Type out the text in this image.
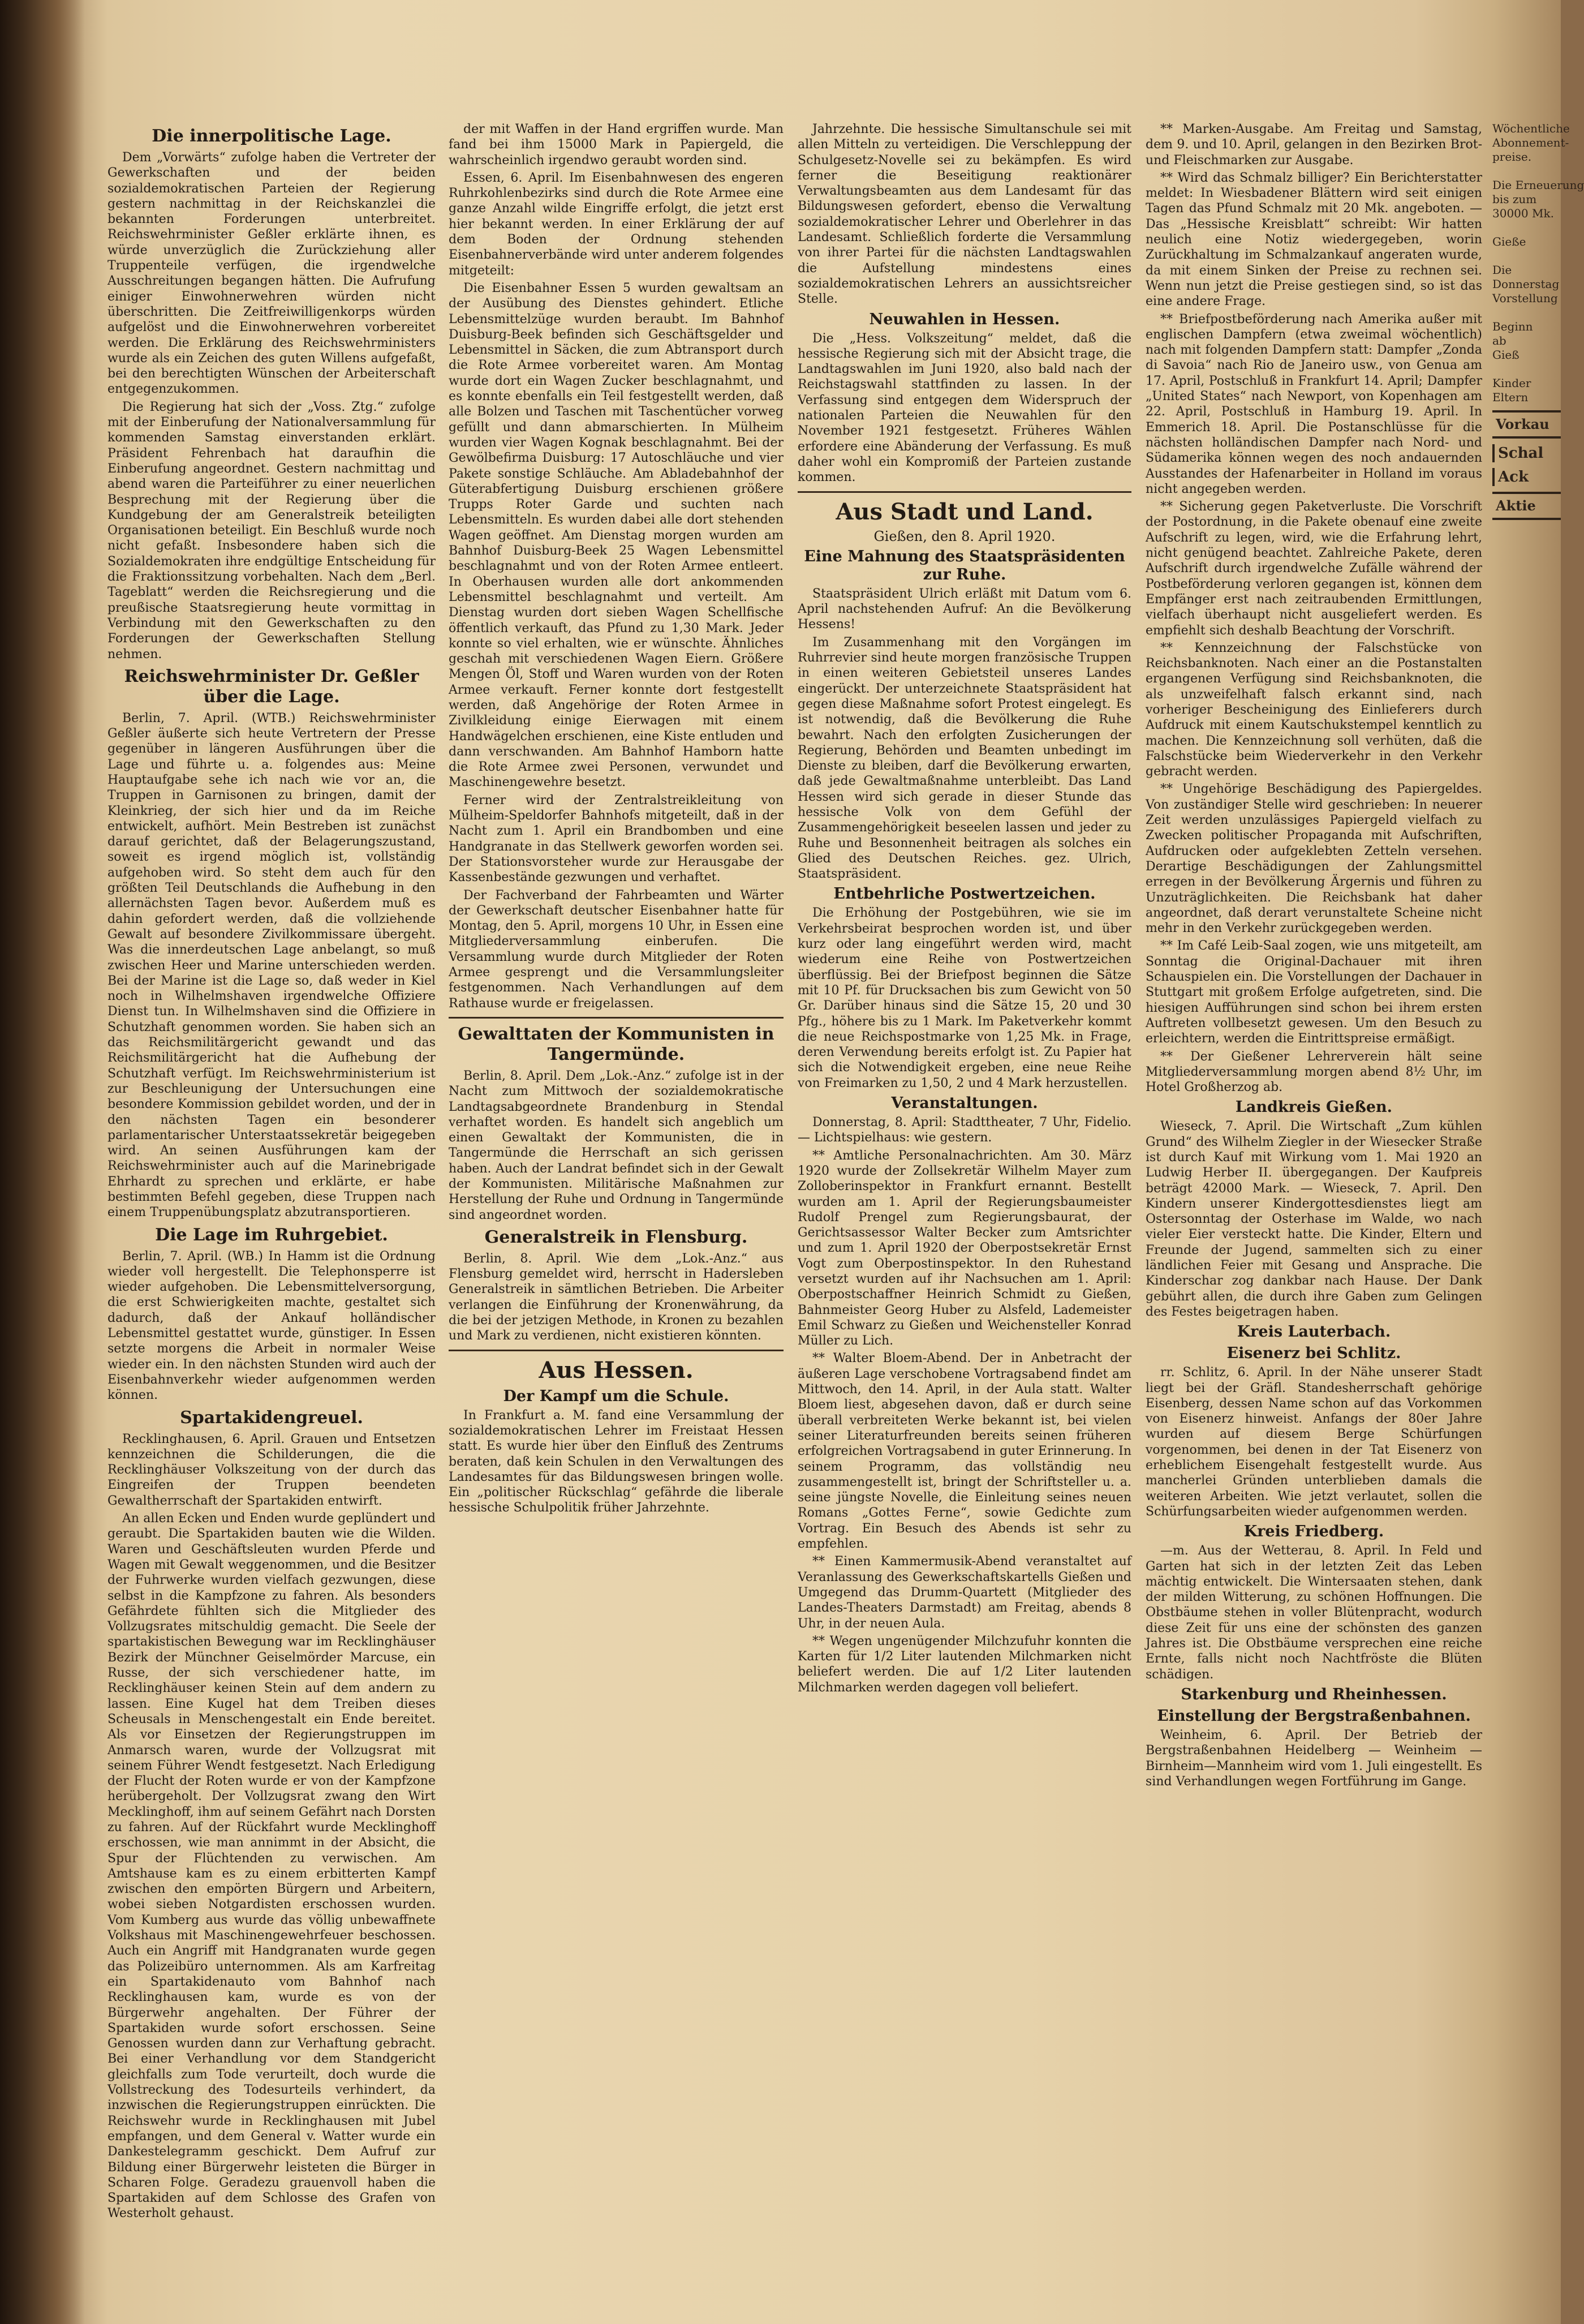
Die innerpolitische Lage.

Dem „Vorwärts“ zufolge haben die Vertreter der Gewerkschaften und der beiden sozialdemokratischen Parteien der Regierung gestern nachmittag in der Reichskanzlei die bekannten Forderungen unterbreitet. Reichswehrminister Geßler erklärte ihnen, es würde unverzüglich die Zurückziehung aller Truppenteile verfügen, die irgendwelche Ausschreitungen begangen hätten. Die Aufrufung einiger Einwohnerwehren würden nicht überschritten. Die Zeitfreiwilligenkorps würden aufgelöst und die Einwohnerwehren vorbereitet werden. Die Erklärung des Reichswehrministers wurde als ein Zeichen des guten Willens aufgefaßt, bei den berechtigten Wünschen der Arbeiterschaft entgegenzukommen.

Die Regierung hat sich der „Voss. Ztg.“ zufolge mit der Einberufung der Nationalversammlung für kommenden Samstag einverstanden erklärt. Präsident Fehrenbach hat daraufhin die Einberufung angeordnet. Gestern nachmittag und abend waren die Parteiführer zu einer neuerlichen Besprechung mit der Regierung über die Kundgebung der am Generalstreik beteiligten Organisationen beteiligt. Ein Beschluß wurde noch nicht gefaßt. Insbesondere haben sich die Sozialdemokraten ihre endgültige Entscheidung für die Fraktionssitzung vorbehalten. Nach dem „Berl. Tageblatt“ werden die Reichsregierung und die preußische Staatsregierung heute vormittag in Verbindung mit den Gewerkschaften zu den Forderungen der Gewerkschaften Stellung nehmen.

Reichswehrminister Dr. Geßler über die Lage.

Berlin, 7. April. (WTB.) Reichswehrminister Geßler äußerte sich heute Vertretern der Presse gegenüber in längeren Ausführungen über die Lage und führte u. a. folgendes aus: Meine Hauptaufgabe sehe ich nach wie vor an, die Truppen in Garnisonen zu bringen, damit der Kleinkrieg, der sich hier und da im Reiche entwickelt, aufhört. Mein Bestreben ist zunächst darauf gerichtet, daß der Belagerungszustand, soweit es irgend möglich ist, vollständig aufgehoben wird. So steht dem auch für den größten Teil Deutschlands die Aufhebung in den allernächsten Tagen bevor. Außerdem muß es dahin gefordert werden, daß die vollziehende Gewalt auf besondere Zivilkommissare übergeht. Was die innerdeutschen Lage anbelangt, so muß zwischen Heer und Marine unterschieden werden. Bei der Marine ist die Lage so, daß weder in Kiel noch in Wilhelmshaven irgendwelche Offiziere Dienst tun. In Wilhelmshaven sind die Offiziere in Schutzhaft genommen worden. Sie haben sich an das Reichsmilitärgericht gewandt und das Reichsmilitärgericht hat die Aufhebung der Schutzhaft verfügt. Im Reichswehrministerium ist zur Beschleunigung der Untersuchungen eine besondere Kommission gebildet worden, und der in den nächsten Tagen ein besonderer parlamentarischer Unterstaatssekretär beigegeben wird. An seinen Ausführungen kam der Reichswehrminister auch auf die Marinebrigade Ehrhardt zu sprechen und erklärte, er habe bestimmten Befehl gegeben, diese Truppen nach einem Truppenübungsplatz abzutransportieren.

Die Lage im Ruhrgebiet.

Berlin, 7. April. (WB.) In Hamm ist die Ordnung wieder voll hergestellt. Die Telephonsperre ist wieder aufgehoben. Die Lebensmittelversorgung, die erst Schwierigkeiten machte, gestaltet sich dadurch, daß der Ankauf holländischer Lebensmittel gestattet wurde, günstiger. In Essen setzte morgens die Arbeit in normaler Weise wieder ein. In den nächsten Stunden wird auch der Eisenbahnverkehr wieder aufgenommen werden können.

Spartakidengreuel.

Recklinghausen, 6. April. Grauen und Entsetzen kennzeichnen die Schilderungen, die die Recklinghäuser Volkszeitung von der durch das Eingreifen der Truppen beendeten Gewaltherrschaft der Spartakiden entwirft.

An allen Ecken und Enden wurde geplündert und geraubt. Die Spartakiden bauten wie die Wilden. Waren und Geschäftsleuten wurden Pferde und Wagen mit Gewalt weggenommen, und die Besitzer der Fuhrwerke wurden vielfach gezwungen, diese selbst in die Kampfzone zu fahren. Als besonders Gefährdete fühlten sich die Mitglieder des Vollzugsrates mitschuldig gemacht. Die Seele der spartakistischen Bewegung war im Recklinghäuser Bezirk der Münchner Geiselmörder Marcuse, ein Russe, der sich verschiedener hatte, im Recklinghäuser keinen Stein auf dem andern zu lassen. Eine Kugel hat dem Treiben dieses Scheusals in Menschengestalt ein Ende bereitet. Als vor Einsetzen der Regierungstruppen im Anmarsch waren, wurde der Vollzugsrat mit seinem Führer Wendt festgesetzt. Nach Erledigung der Flucht der Roten wurde er von der Kampfzone herübergeholt. Der Vollzugsrat zwang den Wirt Mecklinghoff, ihm auf seinem Gefährt nach Dorsten zu fahren. Auf der Rückfahrt wurde Mecklinghoff erschossen, wie man annimmt in der Absicht, die Spur der Flüchtenden zu verwischen. Am Amtshause kam es zu einem erbitterten Kampf zwischen den empörten Bürgern und Arbeitern, wobei sieben Notgardisten erschossen wurden. Vom Kumberg aus wurde das völlig unbewaffnete Volkshaus mit Maschinengewehrfeuer beschossen. Auch ein Angriff mit Handgranaten wurde gegen das Polizeibüro unternommen. Als am Karfreitag ein Spartakidenauto vom Bahnhof nach Recklinghausen kam, wurde es von der Bürgerwehr angehalten. Der Führer der Spartakiden wurde sofort erschossen. Seine Genossen wurden dann zur Verhaftung gebracht. Bei einer Verhandlung vor dem Standgericht gleichfalls zum Tode verurteilt, doch wurde die Vollstreckung des Todesurteils verhindert, da inzwischen die Regierungstruppen einrückten. Die Reichswehr wurde in Recklinghausen mit Jubel empfangen, und dem General v. Watter wurde ein Dankestelegramm geschickt. Dem Aufruf zur Bildung einer Bürgerwehr leisteten die Bürger in Scharen Folge. Geradezu grauenvoll haben die Spartakiden auf dem Schlosse des Grafen von Westerholt gehaust.

der mit Waffen in der Hand ergriffen wurde. Man fand bei ihm 15000 Mark in Papiergeld, die wahrscheinlich irgendwo geraubt worden sind.

Essen, 6. April. Im Eisenbahnwesen des engeren Ruhrkohlenbezirks sind durch die Rote Armee eine ganze Anzahl wilde Eingriffe erfolgt, die jetzt erst hier bekannt werden. In einer Erklärung der auf dem Boden der Ordnung stehenden Eisenbahnerverbände wird unter anderem folgendes mitgeteilt:

Die Eisenbahner Essen 5 wurden gewaltsam an der Ausübung des Dienstes gehindert. Etliche Lebensmittelzüge wurden beraubt. Im Bahnhof Duisburg-Beek befinden sich Geschäftsgelder und Lebensmittel in Säcken, die zum Abtransport durch die Rote Armee vorbereitet waren. Am Montag wurde dort ein Wagen Zucker beschlagnahmt, und es konnte ebenfalls ein Teil festgestellt werden, daß alle Bolzen und Taschen mit Taschentücher vorweg gefüllt und dann abmarschierten. In Mülheim wurden vier Wagen Kognak beschlagnahmt. Bei der Gewölbefirma Duisburg: 17 Autoschläuche und vier Pakete sonstige Schläuche. Am Abladebahnhof der Güterabfertigung Duisburg erschienen größere Trupps Roter Garde und suchten nach Lebensmitteln. Es wurden dabei alle dort stehenden Wagen geöffnet. Am Dienstag morgen wurden am Bahnhof Duisburg-Beek 25 Wagen Lebensmittel beschlagnahmt und von der Roten Armee entleert. In Oberhausen wurden alle dort ankommenden Lebensmittel beschlagnahmt und verteilt. Am Dienstag wurden dort sieben Wagen Schellfische öffentlich verkauft, das Pfund zu 1,30 Mark. Jeder konnte so viel erhalten, wie er wünschte. Ähnliches geschah mit verschiedenen Wagen Eiern. Größere Mengen Öl, Stoff und Waren wurden von der Roten Armee verkauft. Ferner konnte dort festgestellt werden, daß Angehörige der Roten Armee in Zivilkleidung einige Eierwagen mit einem Handwägelchen erschienen, eine Kiste entluden und dann verschwanden. Am Bahnhof Hamborn hatte die Rote Armee zwei Personen, verwundet und Maschinengewehre besetzt.

Ferner wird der Zentralstreikleitung von Mülheim-Speldorfer Bahnhofs mitgeteilt, daß in der Nacht zum 1. April ein Brandbomben und eine Handgranate in das Stellwerk geworfen worden sei. Der Stationsvorsteher wurde zur Herausgabe der Kassenbestände gezwungen und verhaftet.

Der Fachverband der Fahrbeamten und Wärter der Gewerkschaft deutscher Eisenbahner hatte für Montag, den 5. April, morgens 10 Uhr, in Essen eine Mitgliederversammlung einberufen. Die Versammlung wurde durch Mitglieder der Roten Armee gesprengt und die Versammlungsleiter festgenommen. Nach Verhandlungen auf dem Rathause wurde er freigelassen.

Gewalttaten der Kommunisten in Tangermünde.

Berlin, 8. April. Dem „Lok.-Anz.“ zufolge ist in der Nacht zum Mittwoch der sozialdemokratische Landtagsabgeordnete Brandenburg in Stendal verhaftet worden. Es handelt sich angeblich um einen Gewaltakt der Kommunisten, die in Tangermünde die Herrschaft an sich gerissen haben. Auch der Landrat befindet sich in der Gewalt der Kommunisten. Militärische Maßnahmen zur Herstellung der Ruhe und Ordnung in Tangermünde sind angeordnet worden.

Generalstreik in Flensburg.

Berlin, 8. April. Wie dem „Lok.-Anz.“ aus Flensburg gemeldet wird, herrscht in Hadersleben Generalstreik in sämtlichen Betrieben. Die Arbeiter verlangen die Einführung der Kronenwährung, da die bei der jetzigen Methode, in Kronen zu bezahlen und Mark zu verdienen, nicht existieren könnten.

Aus Hessen.
Der Kampf um die Schule.

In Frankfurt a. M. fand eine Versammlung der sozialdemokratischen Lehrer im Freistaat Hessen statt. Es wurde hier über den Einfluß des Zentrums beraten, daß kein Schulen in den Verwaltungen des Landesamtes für das Bildungswesen bringen wolle. Ein „politischer Rückschlag“ gefährde die liberale hessische Schulpolitik früher Jahrzehnte.

Jahrzehnte. Die hessische Simultanschule sei mit allen Mitteln zu verteidigen. Die Verschleppung der Schulgesetz-Novelle sei zu bekämpfen. Es wird ferner die Beseitigung reaktionärer Verwaltungsbeamten aus dem Landesamt für das Bildungswesen gefordert, ebenso die Verwaltung sozialdemokratischer Lehrer und Oberlehrer in das Landesamt. Schließlich forderte die Versammlung von ihrer Partei für die nächsten Landtagswahlen die Aufstellung mindestens eines sozialdemokratischen Lehrers an aussichtsreicher Stelle.

Neuwahlen in Hessen.

Die „Hess. Volkszeitung“ meldet, daß die hessische Regierung sich mit der Absicht trage, die Landtagswahlen im Juni 1920, also bald nach der Reichstagswahl stattfinden zu lassen. In der Verfassung sind entgegen dem Widerspruch der nationalen Parteien die Neuwahlen für den November 1921 festgesetzt. Früheres Wählen erfordere eine Abänderung der Verfassung. Es muß daher wohl ein Kompromiß der Parteien zustande kommen.

Aus Stadt und Land.
Gießen, den 8. April 1920.
Eine Mahnung des Staatspräsidenten zur Ruhe.

Staatspräsident Ulrich erläßt mit Datum vom 6. April nachstehenden Aufruf: An die Bevölkerung Hessens!

Im Zusammenhang mit den Vorgängen im Ruhrrevier sind heute morgen französische Truppen in einen weiteren Gebietsteil unseres Landes eingerückt. Der unterzeichnete Staatspräsident hat gegen diese Maßnahme sofort Protest eingelegt. Es ist notwendig, daß die Bevölkerung die Ruhe bewahrt. Nach den erfolgten Zusicherungen der Regierung, Behörden und Beamten unbedingt im Dienste zu bleiben, darf die Bevölkerung erwarten, daß jede Gewaltmaßnahme unterbleibt. Das Land Hessen wird sich gerade in dieser Stunde das hessische Volk von dem Gefühl der Zusammengehörigkeit beseelen lassen und jeder zu Ruhe und Besonnenheit beitragen als solches ein Glied des Deutschen Reiches. gez. Ulrich, Staatspräsident.

Entbehrliche Postwertzeichen.

Die Erhöhung der Postgebühren, wie sie im Verkehrsbeirat besprochen worden ist, und über kurz oder lang eingeführt werden wird, macht wiederum eine Reihe von Postwertzeichen überflüssig. Bei der Briefpost beginnen die Sätze mit 10 Pf. für Drucksachen bis zum Gewicht von 50 Gr. Darüber hinaus sind die Sätze 15, 20 und 30 Pfg., höhere bis zu 1 Mark. Im Paketverkehr kommt die neue Reichspostmarke von 1,25 Mk. in Frage, deren Verwendung bereits erfolgt ist. Zu Papier hat sich die Notwendigkeit ergeben, eine neue Reihe von Freimarken zu 1,50, 2 und 4 Mark herzustellen.

Veranstaltungen.

Donnerstag, 8. April: Stadttheater, 7 Uhr, Fidelio. — Lichtspielhaus: wie gestern.

** Amtliche Personalnachrichten. Am 30. März 1920 wurde der Zollsekretär Wilhelm Mayer zum Zolloberinspektor in Frankfurt ernannt. Bestellt wurden am 1. April der Regierungsbaumeister Rudolf Prengel zum Regierungsbaurat, der Gerichtsassessor Walter Becker zum Amtsrichter und zum 1. April 1920 der Oberpostsekretär Ernst Vogt zum Oberpostinspektor. In den Ruhestand versetzt wurden auf ihr Nachsuchen am 1. April: Oberpostschaffner Heinrich Schmidt zu Gießen, Bahnmeister Georg Huber zu Alsfeld, Lademeister Emil Schwarz zu Gießen und Weichensteller Konrad Müller zu Lich.

** Walter Bloem-Abend. Der in Anbetracht der äußeren Lage verschobene Vortragsabend findet am Mittwoch, den 14. April, in der Aula statt. Walter Bloem liest, abgesehen davon, daß er durch seine überall verbreiteten Werke bekannt ist, bei vielen seiner Literaturfreunden bereits seinen früheren erfolgreichen Vortragsabend in guter Erinnerung. In seinem Programm, das vollständig neu zusammengestellt ist, bringt der Schriftsteller u. a. seine jüngste Novelle, die Einleitung seines neuen Romans „Gottes Ferne“, sowie Gedichte zum Vortrag. Ein Besuch des Abends ist sehr zu empfehlen.

** Einen Kammermusik-Abend veranstaltet auf Veranlassung des Gewerkschaftskartells Gießen und Umgegend das Drumm-Quartett (Mitglieder des Landes-Theaters Darmstadt) am Freitag, abends 8 Uhr, in der neuen Aula.

** Wegen ungenügender Milchzufuhr konnten die Karten für 1/2 Liter lautenden Milchmarken nicht beliefert werden. Die auf 1/2 Liter lautenden Milchmarken werden dagegen voll beliefert.

** Marken-Ausgabe. Am Freitag und Samstag, dem 9. und 10. April, gelangen in den Bezirken Brot- und Fleischmarken zur Ausgabe.

** Wird das Schmalz billiger? Ein Berichterstatter meldet: In Wiesbadener Blättern wird seit einigen Tagen das Pfund Schmalz mit 20 Mk. angeboten. — Das „Hessische Kreisblatt“ schreibt: Wir hatten neulich eine Notiz wiedergegeben, worin Zurückhaltung im Schmalzankauf angeraten wurde, da mit einem Sinken der Preise zu rechnen sei. Wenn nun jetzt die Preise gestiegen sind, so ist das eine andere Frage.

** Briefpostbeförderung nach Amerika außer mit englischen Dampfern (etwa zweimal wöchentlich) nach mit folgenden Dampfern statt: Dampfer „Zonda di Savoia“ nach Rio de Janeiro usw., von Genua am 17. April, Postschluß in Frankfurt 14. April; Dampfer „United States“ nach Newport, von Kopenhagen am 22. April, Postschluß in Hamburg 19. April. In Emmerich 18. April. Die Postanschlüsse für die nächsten holländischen Dampfer nach Nord- und Südamerika können wegen des noch andauernden Ausstandes der Hafenarbeiter in Holland im voraus nicht angegeben werden.

** Sicherung gegen Paketverluste. Die Vorschrift der Postordnung, in die Pakete obenauf eine zweite Aufschrift zu legen, wird, wie die Erfahrung lehrt, nicht genügend beachtet. Zahlreiche Pakete, deren Aufschrift durch irgendwelche Zufälle während der Postbeförderung verloren gegangen ist, können dem Empfänger erst nach zeitraubenden Ermittlungen, vielfach überhaupt nicht ausgeliefert werden. Es empfiehlt sich deshalb Beachtung der Vorschrift.

** Kennzeichnung der Falschstücke von Reichsbanknoten. Nach einer an die Postanstalten ergangenen Verfügung sind Reichsbanknoten, die als unzweifelhaft falsch erkannt sind, nach vorheriger Bescheinigung des Einlieferers durch Aufdruck mit einem Kautschukstempel kenntlich zu machen. Die Kennzeichnung soll verhüten, daß die Falschstücke beim Wiederverkehr in den Verkehr gebracht werden.

** Ungehörige Beschädigung des Papiergeldes. Von zuständiger Stelle wird geschrieben: In neuerer Zeit werden unzulässiges Papiergeld vielfach zu Zwecken politischer Propaganda mit Aufschriften, Aufdrucken oder aufgeklebten Zetteln versehen. Derartige Beschädigungen der Zahlungsmittel erregen in der Bevölkerung Ärgernis und führen zu Unzuträglichkeiten. Die Reichsbank hat daher angeordnet, daß derart verunstaltete Scheine nicht mehr in den Verkehr zurückgegeben werden.

** Im Café Leib-Saal zogen, wie uns mitgeteilt, am Sonntag die Original-Dachauer mit ihren Schauspielen ein. Die Vorstellungen der Dachauer in Stuttgart mit großem Erfolge aufgetreten, sind. Die hiesigen Aufführungen sind schon bei ihrem ersten Auftreten vollbesetzt gewesen. Um den Besuch zu erleichtern, werden die Eintrittspreise ermäßigt.

** Der Gießener Lehrerverein hält seine Mitgliederversammlung morgen abend 8½ Uhr, im Hotel Großherzog ab.

Landkreis Gießen.

Wieseck, 7. April. Die Wirtschaft „Zum kühlen Grund“ des Wilhelm Ziegler in der Wiesecker Straße ist durch Kauf mit Wirkung vom 1. Mai 1920 an Ludwig Herber II. übergegangen. Der Kaufpreis beträgt 42000 Mark. — Wieseck, 7. April. Den Kindern unserer Kindergottesdienstes liegt am Ostersonntag der Osterhase im Walde, wo nach vieler Eier versteckt hatte. Die Kinder, Eltern und Freunde der Jugend, sammelten sich zu einer ländlichen Feier mit Gesang und Ansprache. Die Kinderschar zog dankbar nach Hause. Der Dank gebührt allen, die durch ihre Gaben zum Gelingen des Festes beigetragen haben.

Kreis Lauterbach.
Eisenerz bei Schlitz.

rr. Schlitz, 6. April. In der Nähe unserer Stadt liegt bei der Gräfl. Standesherrschaft gehörige Eisenberg, dessen Name schon auf das Vorkommen von Eisenerz hinweist. Anfangs der 80er Jahre wurden auf diesem Berge Schürfungen vorgenommen, bei denen in der Tat Eisenerz von erheblichem Eisengehalt festgestellt wurde. Aus mancherlei Gründen unterblieben damals die weiteren Arbeiten. Wie jetzt verlautet, sollen die Schürfungsarbeiten wieder aufgenommen werden.

Kreis Friedberg.

—m. Aus der Wetterau, 8. April. In Feld und Garten hat sich in der letzten Zeit das Leben mächtig entwickelt. Die Wintersaaten stehen, dank der milden Witterung, zu schönen Hoffnungen. Die Obstbäume stehen in voller Blütenpracht, wodurch diese Zeit für uns eine der schönsten des ganzen Jahres ist. Die Obstbäume versprechen eine reiche Ernte, falls nicht noch Nachtfröste die Blüten schädigen.

Starkenburg und Rheinhessen.
Einstellung der Bergstraßenbahnen.

Weinheim, 6. April. Der Betrieb der Bergstraßenbahnen Heidelberg — Weinheim — Birnheim—Mannheim wird vom 1. Juli eingestellt. Es sind Verhandlungen wegen Fortführung im Gange.

Wöchentliche

Abonnement-

preise.

Die Erneuerung

bis zum

30000 Mk.

Gieße

Die

Donnerstag

Vorstellung

Beginn

ab

Gieß

Kinder

Eltern

Vorkau
Schal
Ack
Aktie
